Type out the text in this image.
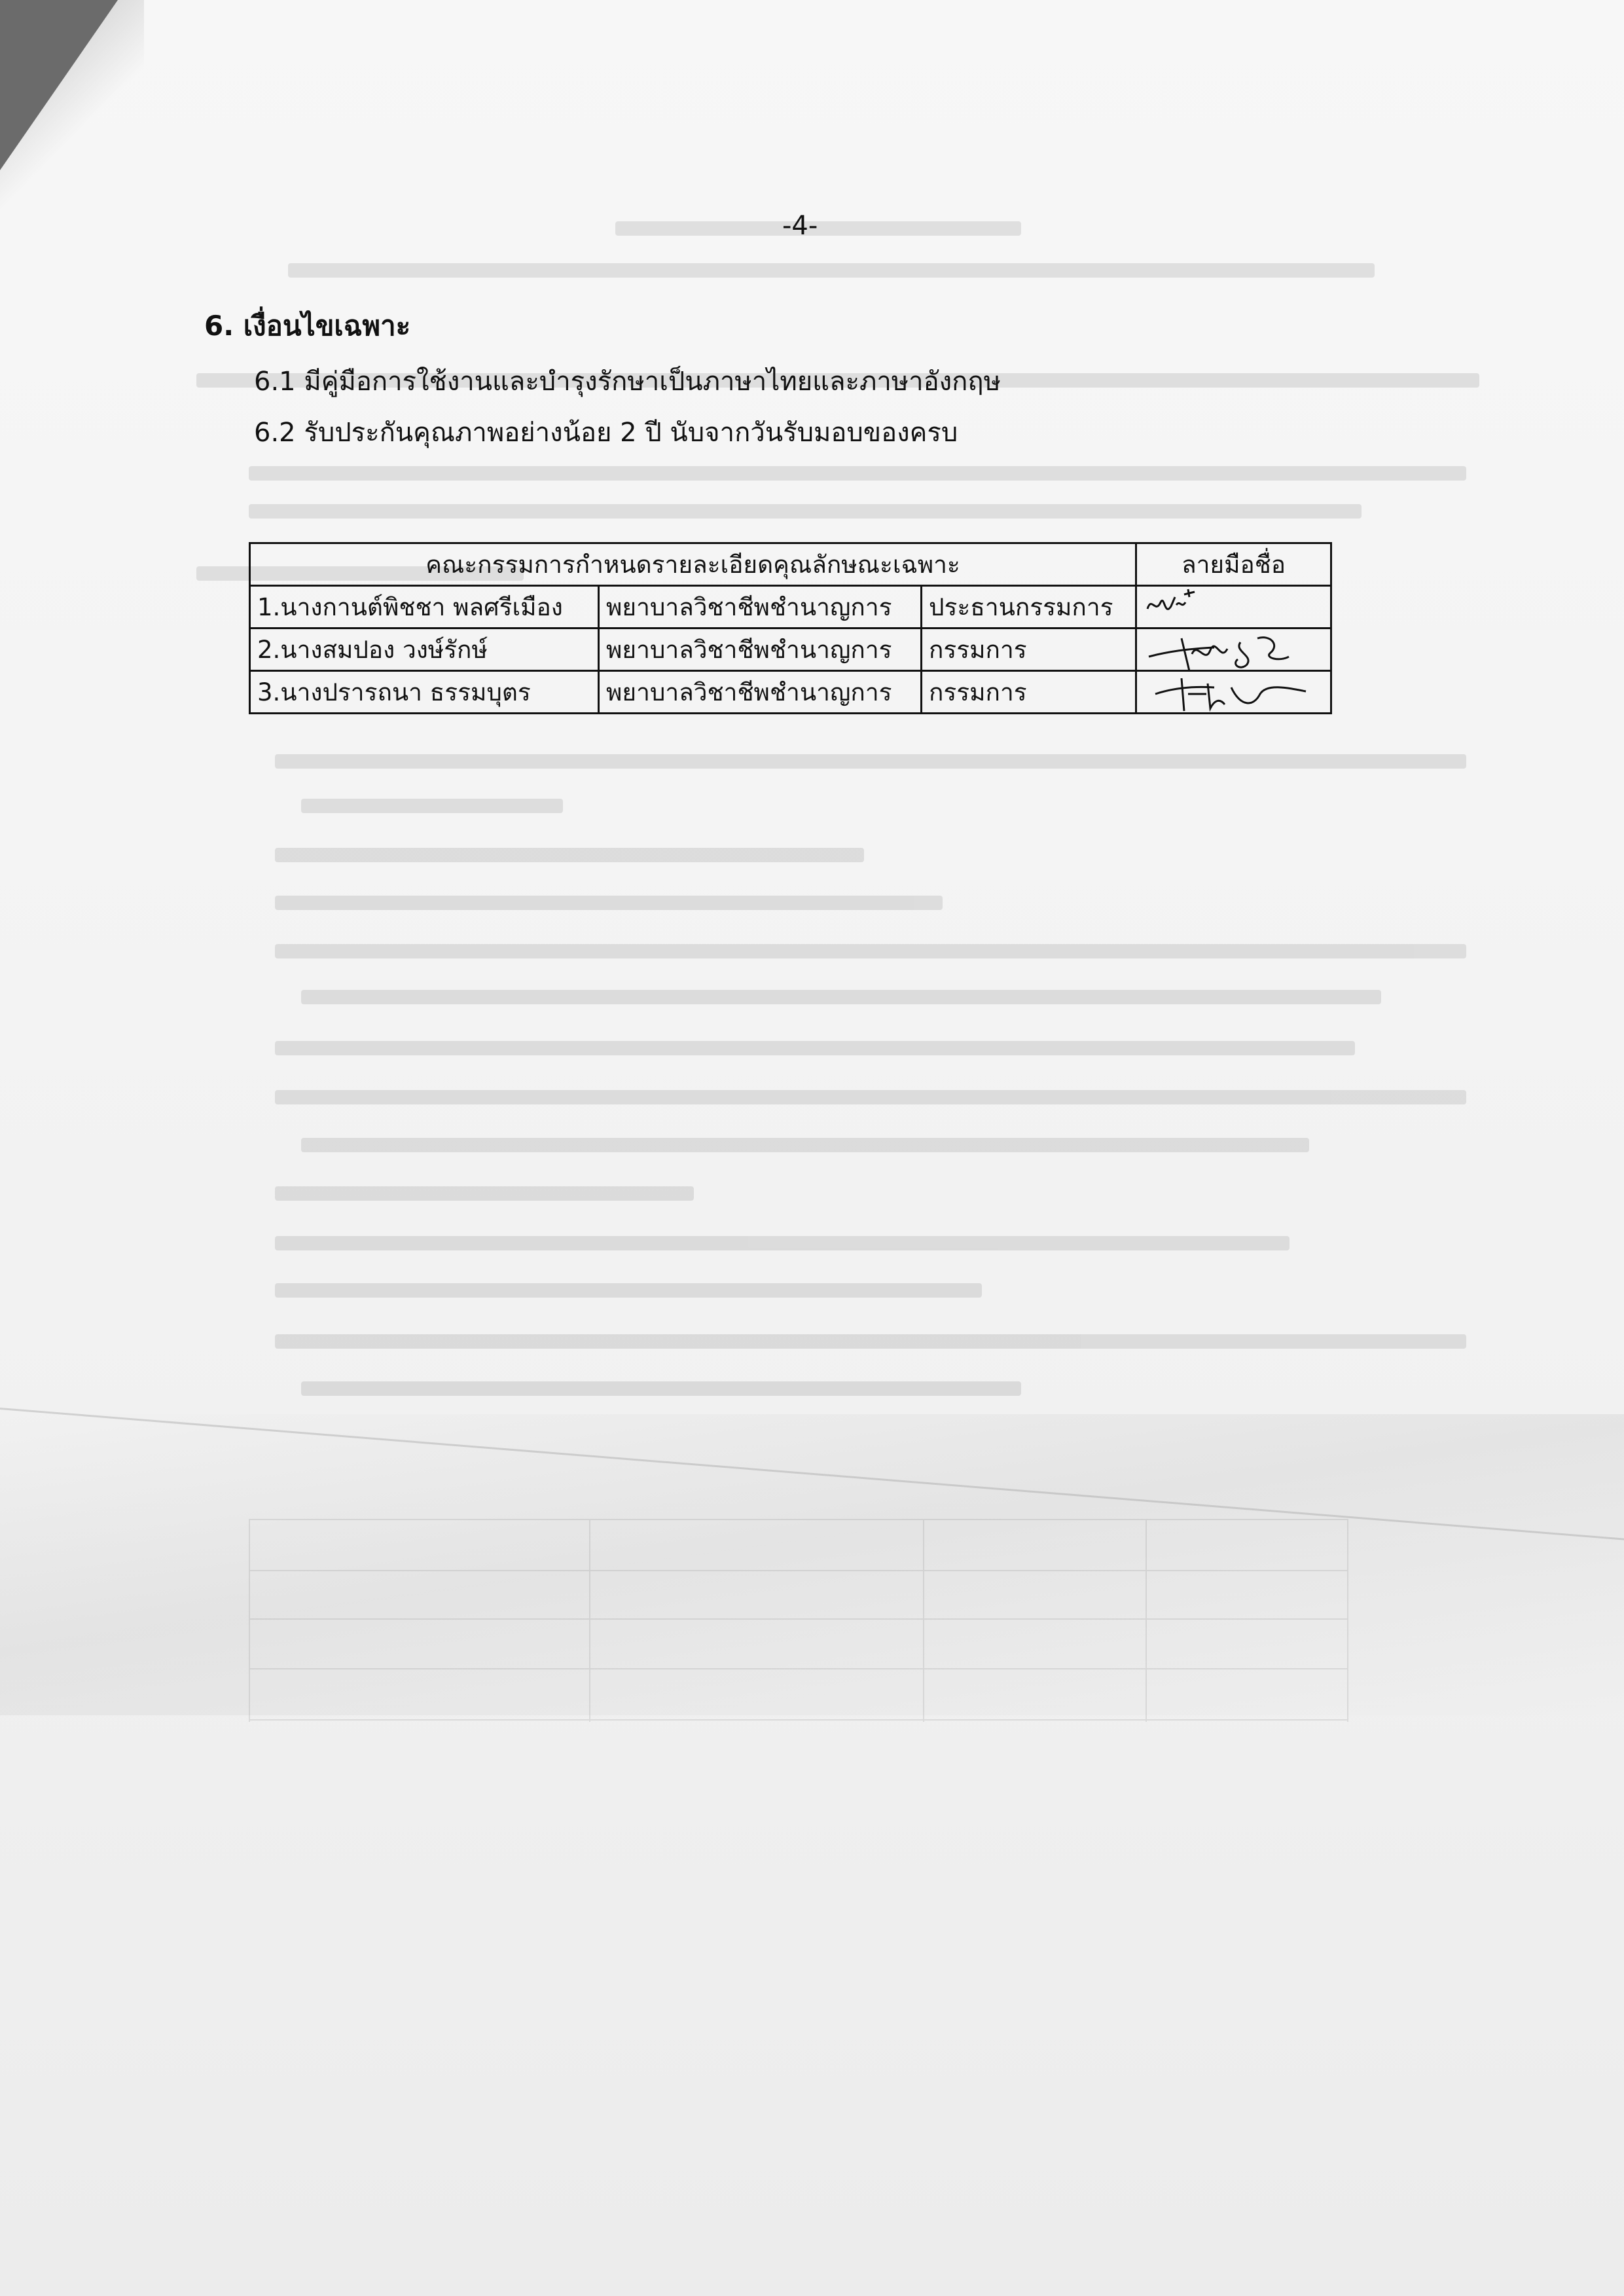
-4-
6. เงื่อนไขเฉพาะ
6.1 มีคู่มือการใช้งานและบำรุงรักษาเป็นภาษาไทยและภาษาอังกฤษ
6.2 รับประกันคุณภาพอย่างน้อย 2 ปี นับจากวันรับมอบของครบ
คณะกรรมการกำหนดรายละเอียดคุณลักษณะเฉพาะ			ลายมือชื่อ
1.นางกานต์พิชชา พลศรีเมือง	พยาบาลวิชาชีพชำนาญการ	ประธานกรรมการ	

2.นางสมปอง วงษ์รักษ์	พยาบาลวิชาชีพชำนาญการ	กรรมการ	

3.นางปรารถนา ธรรมบุตร	พยาบาลวิชาชีพชำนาญการ	กรรมการ	
